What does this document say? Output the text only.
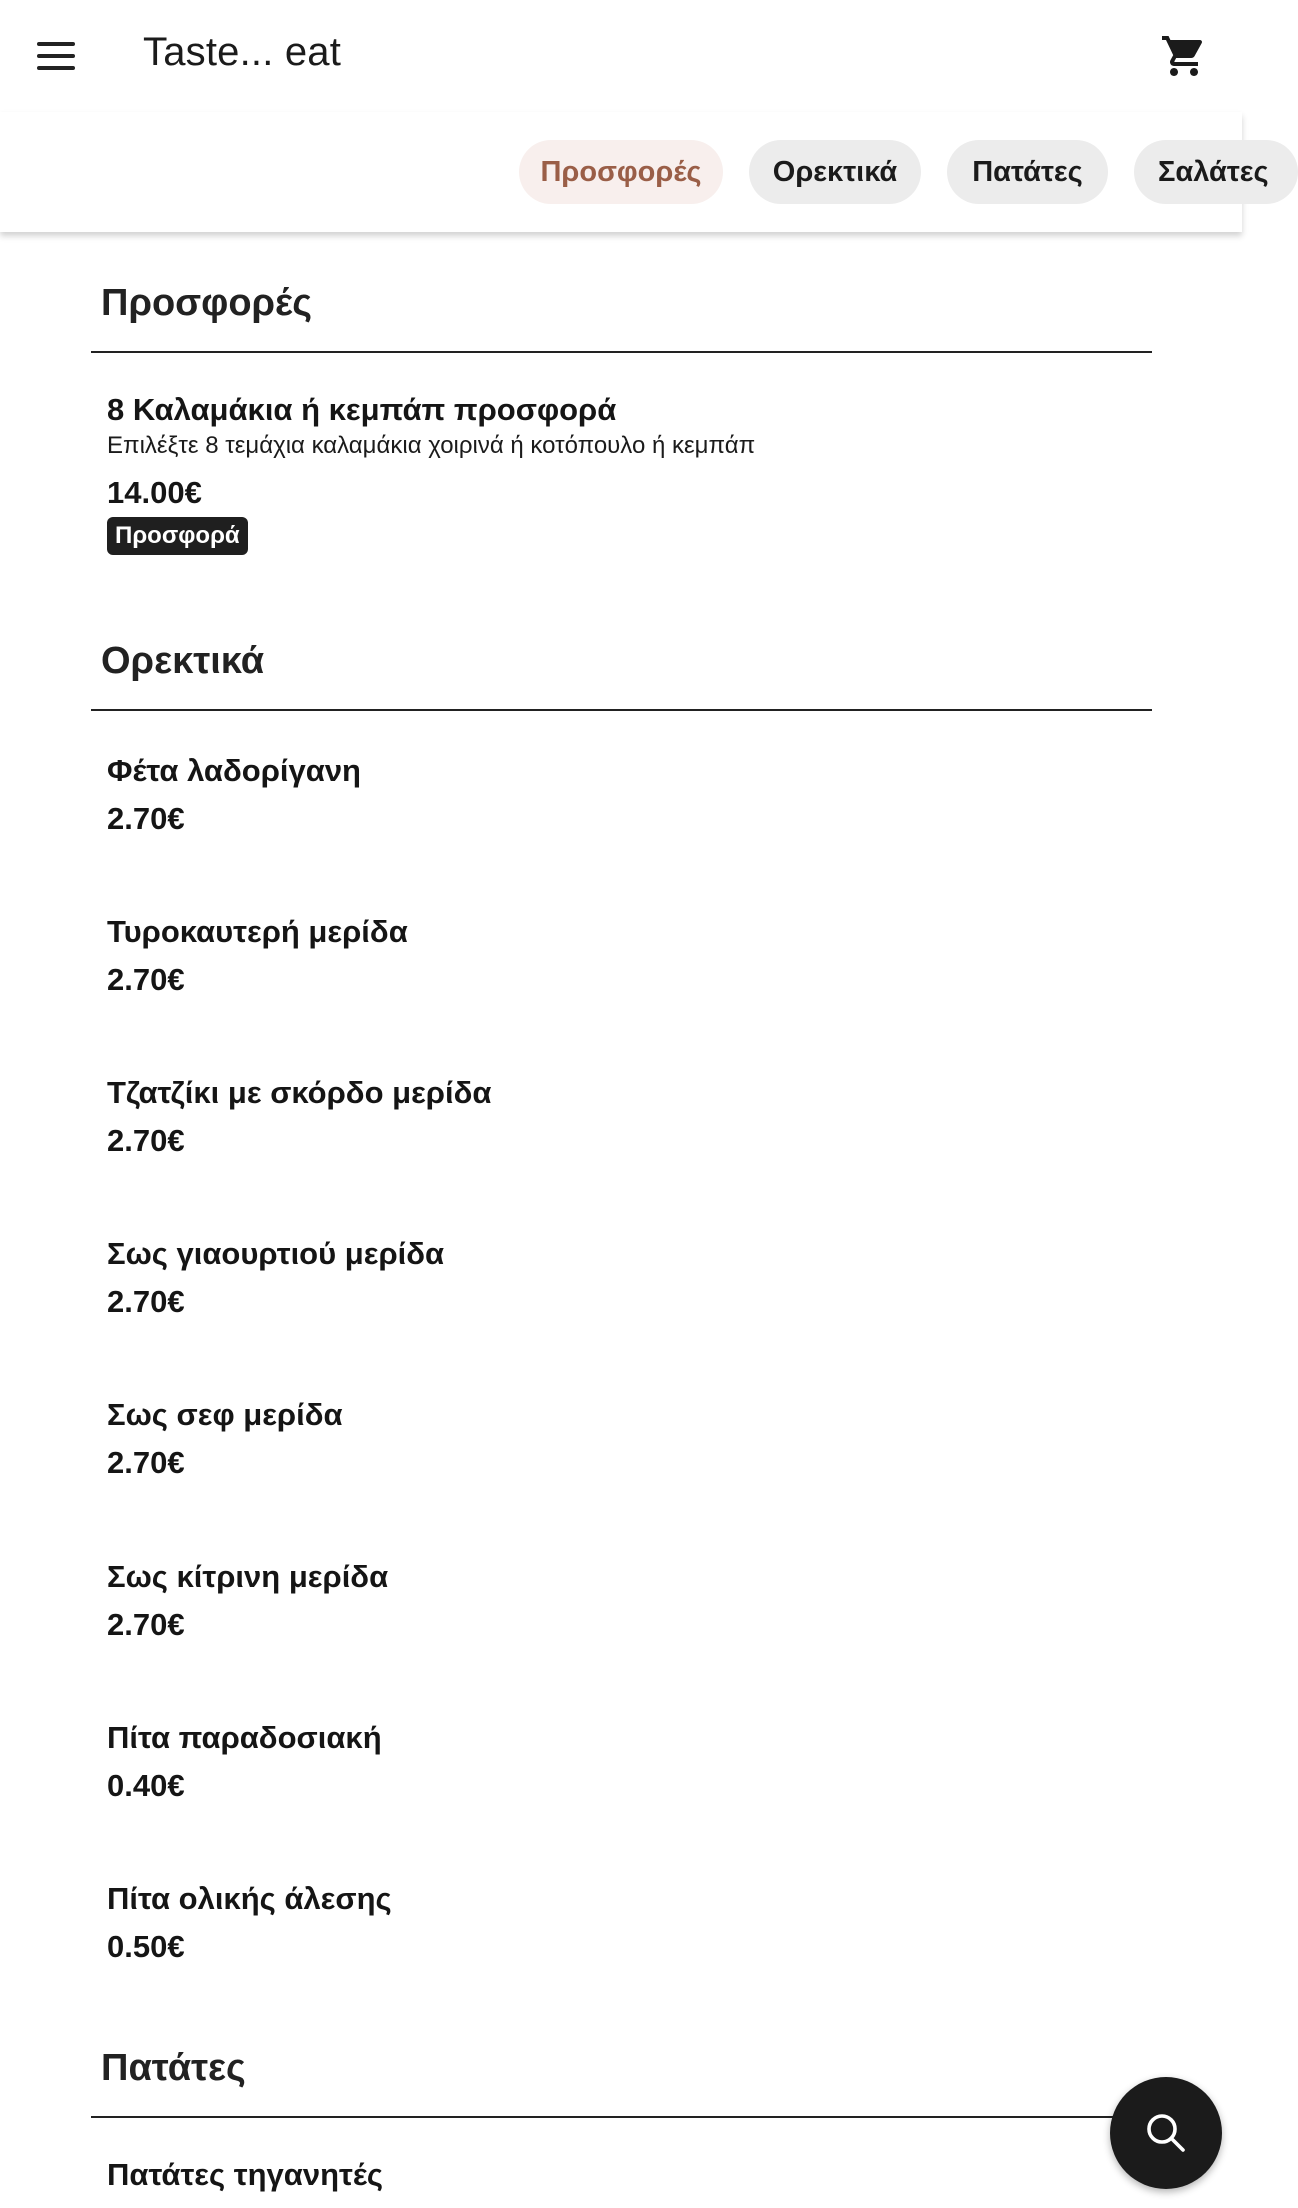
Taste... eat
Προσφορές	Ορεκτικά	Πατάτες	Σαλάτες
Προσφορές
8 Καλαμάκια ή κεμπάπ προσφορά
Επιλέξτε 8 τεμάχια καλαμάκια χοιρινά ή κοτόπουλο ή κεμπάπ
14.00€
Προσφορά
Ορεκτικά
Φέτα λαδορίγανη
2.70€
Τυροκαυτερή μερίδα
2.70€
Τζατζίκι με σκόρδο μερίδα
2.70€
Σως γιαουρτιού μερίδα
2.70€
Σως σεφ μερίδα
2.70€
Σως κίτρινη μερίδα
2.70€
Πίτα παραδοσιακή
0.40€
Πίτα ολικής άλεσης
0.50€
Πατάτες
Πατάτες τηγανητές
